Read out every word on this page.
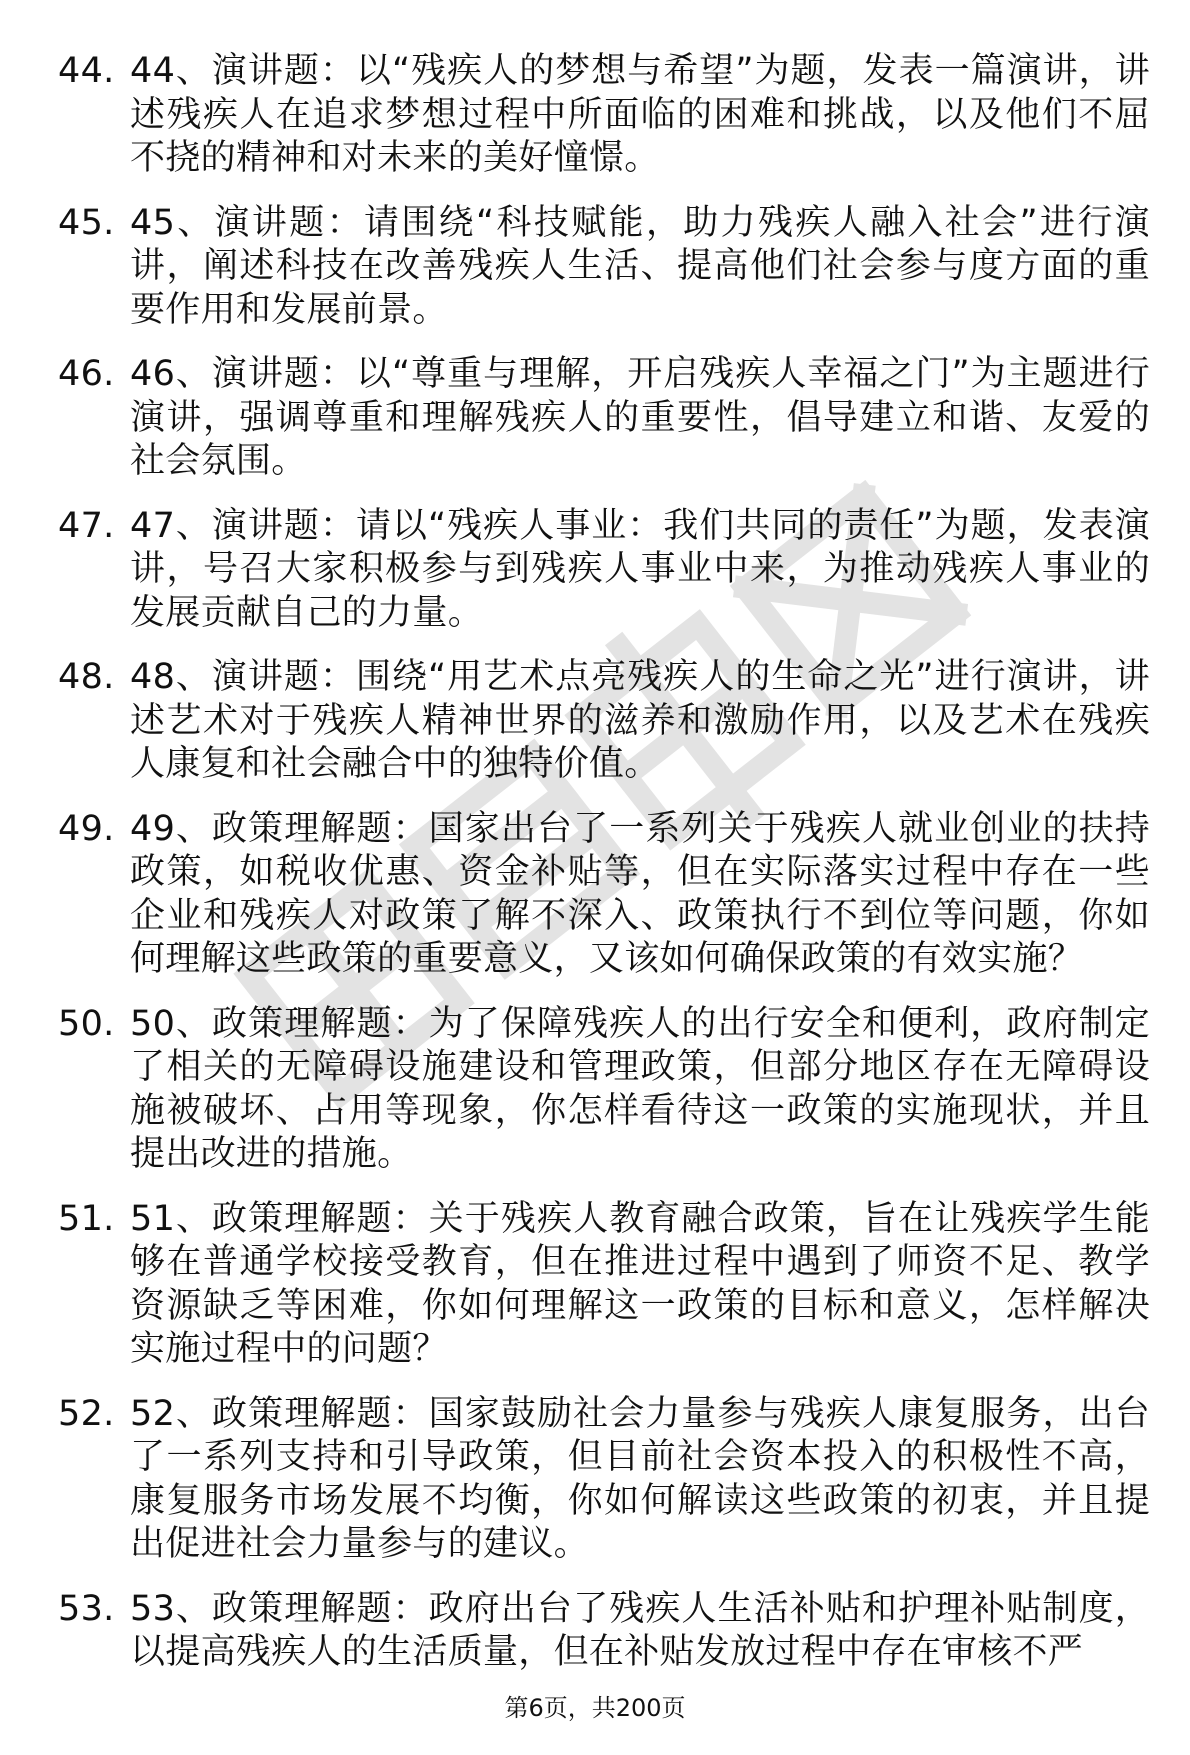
44. 44、演讲题：以“残疾人的梦想与希望”为题，发表一篇演讲，讲述残疾人在追求梦想过程中所面临的困难和挑战，以及他们不屈不挠的精神和对未来的美好憧憬。
45. 45、演讲题：请围绕“科技赋能，助力残疾人融入社会”进行演讲，阐述科技在改善残疾人生活、提高他们社会参与度方面的重要作用和发展前景。
46. 46、演讲题：以“尊重与理解，开启残疾人幸福之门”为主题进行演讲，强调尊重和理解残疾人的重要性，倡导建立和谐、友爱的社会氛围。
47. 47、演讲题：请以“残疾人事业：我们共同的责任”为题，发表演讲，号召大家积极参与到残疾人事业中来，为推动残疾人事业的发展贡献自己的力量。
48. 48、演讲题：围绕“用艺术点亮残疾人的生命之光”进行演讲，讲述艺术对于残疾人精神世界的滋养和激励作用，以及艺术在残疾人康复和社会融合中的独特价值。
49. 49、政策理解题：国家出台了一系列关于残疾人就业创业的扶持政策，如税收优惠、资金补贴等，但在实际落实过程中存在一些企业和残疾人对政策了解不深入、政策执行不到位等问题，你如何理解这些政策的重要意义，又该如何确保政策的有效实施？
50. 50、政策理解题：为了保障残疾人的出行安全和便利，政府制定了相关的无障碍设施建设和管理政策，但部分地区存在无障碍设施被破坏、占用等现象，你怎样看待这一政策的实施现状，并且提出改进的措施。
51. 51、政策理解题：关于残疾人教育融合政策，旨在让残疾学生能够在普通学校接受教育，但在推进过程中遇到了师资不足、教学资源缺乏等困难，你如何理解这一政策的目标和意义，怎样解决实施过程中的问题？
52. 52、政策理解题：国家鼓励社会力量参与残疾人康复服务，出台了一系列支持和引导政策，但目前社会资本投入的积极性不高，康复服务市场发展不均衡，你如何解读这些政策的初衷，并且提出促进社会力量参与的建议。
53. 53、政策理解题：政府出台了残疾人生活补贴和护理补贴制度，以提高残疾人的生活质量，但在补贴发放过程中存在审核不严
第6页，共200页
